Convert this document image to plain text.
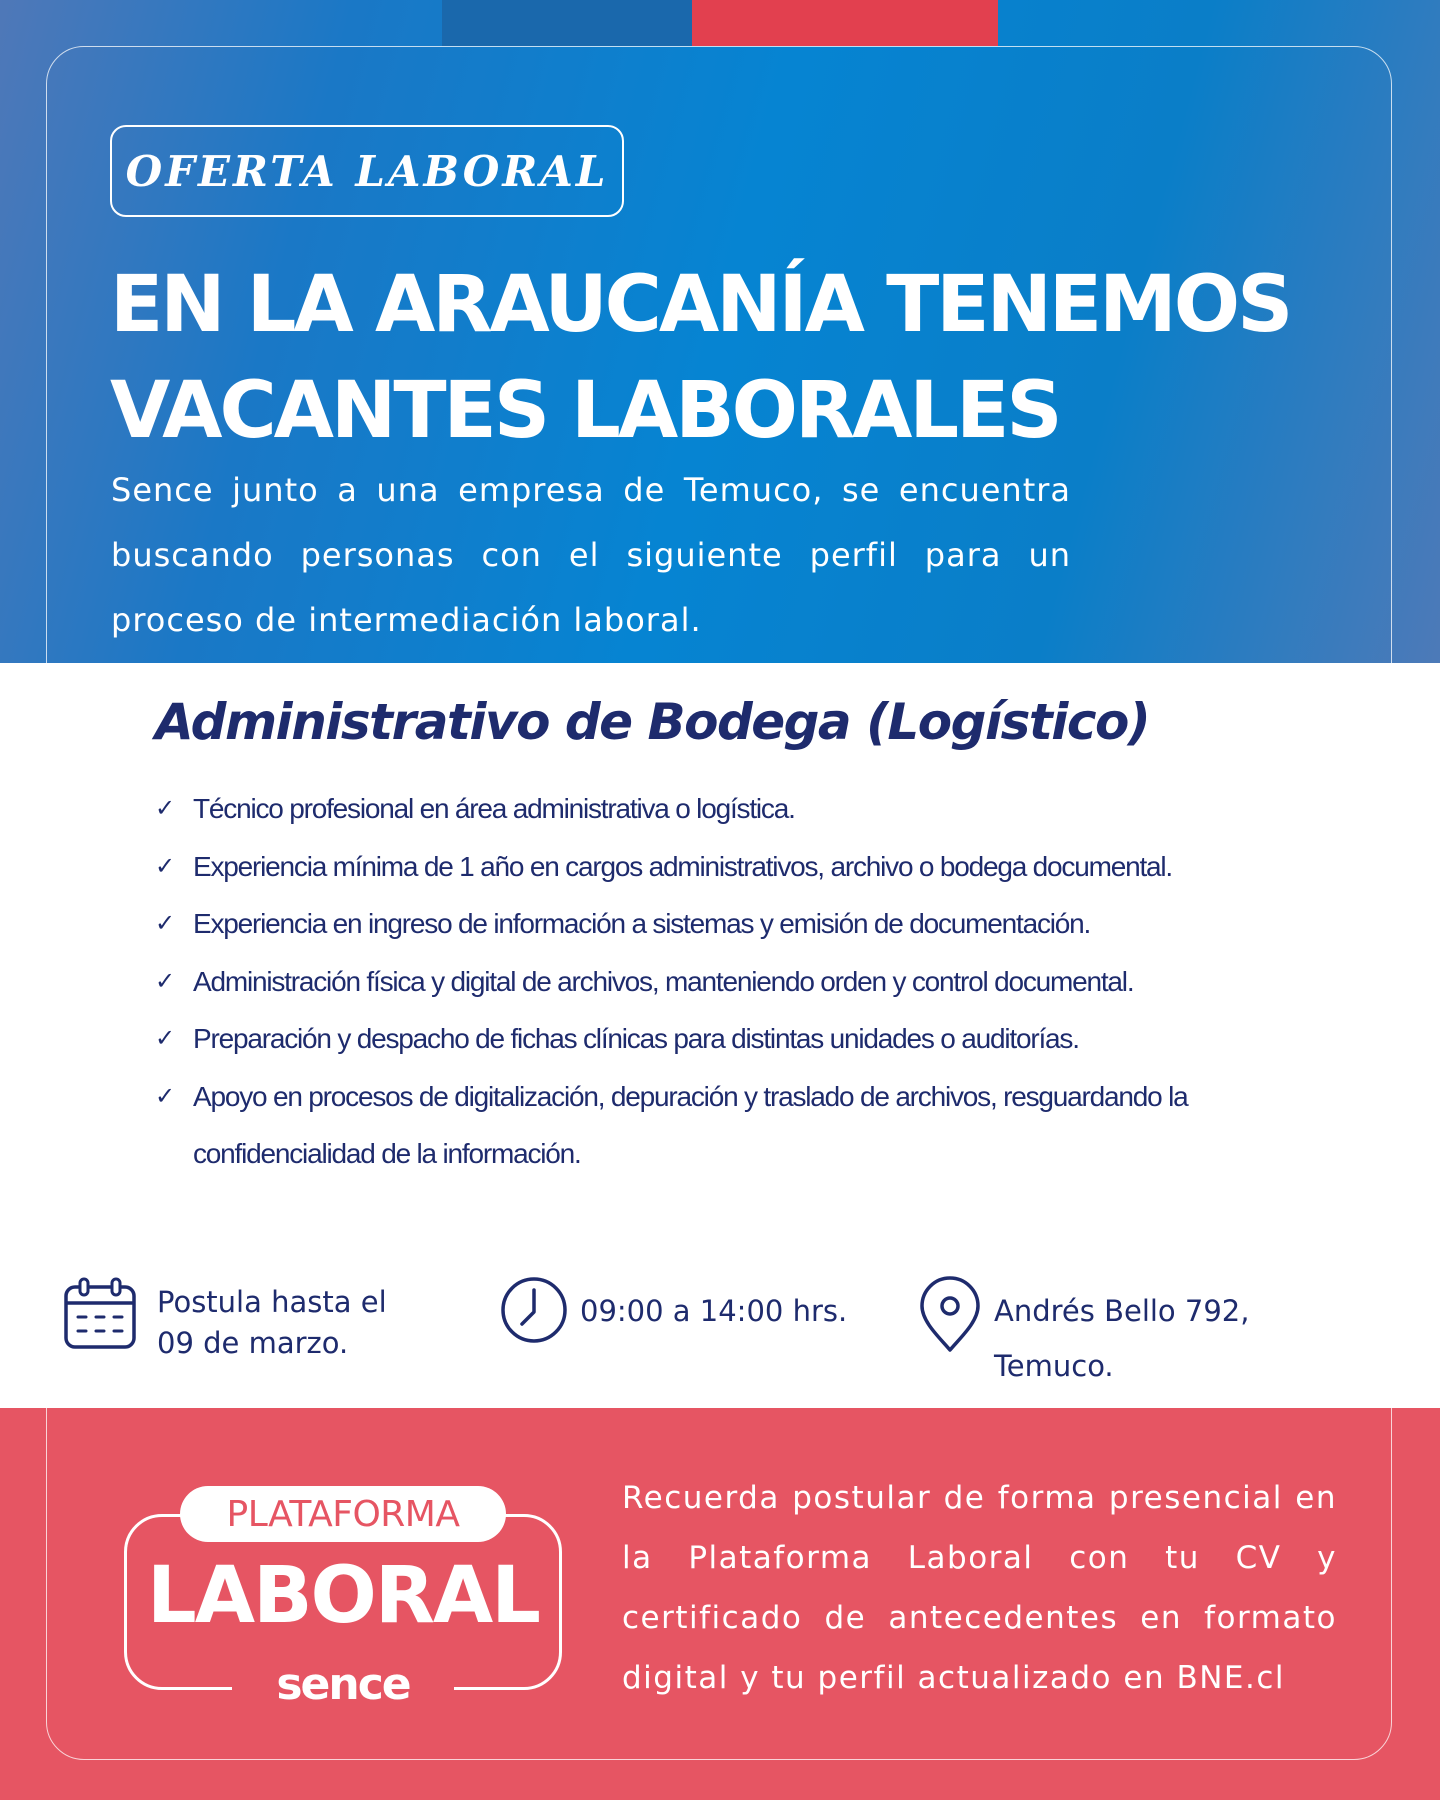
OFERTA LABORAL
EN LA ARAUCANÍA TENEMOS
VACANTES LABORALES

Sence junto a una empresa de Temuco, se encuentra buscando personas con el siguiente perfil para un proceso de intermediación laboral.

Administrativo de Bodega (Logístico)
✓ Técnico profesional en área administrativa o logística.
✓ Experiencia mínima de 1 año en cargos administrativos, archivo o bodega documental.
✓ Experiencia en ingreso de información a sistemas y emisión de documentación.
✓ Administración física y digital de archivos, manteniendo orden y control documental.
✓ Preparación y despacho de fichas clínicas para distintas unidades o auditorías.
✓ Apoyo en procesos de digitalización, depuración y traslado de archivos, resguardando la confidencialidad de la información.
Postula hasta el
09 de marzo.
09:00 a 14:00 hrs.	Andrés Bello 792,
Temuco.
PLATAFORMA
LABORAL
sence

Recuerda postular de forma presencial en la Plataforma Laboral con tu CV y certificado de antecedentes en formato digital y tu perfil actualizado en BNE.cl
